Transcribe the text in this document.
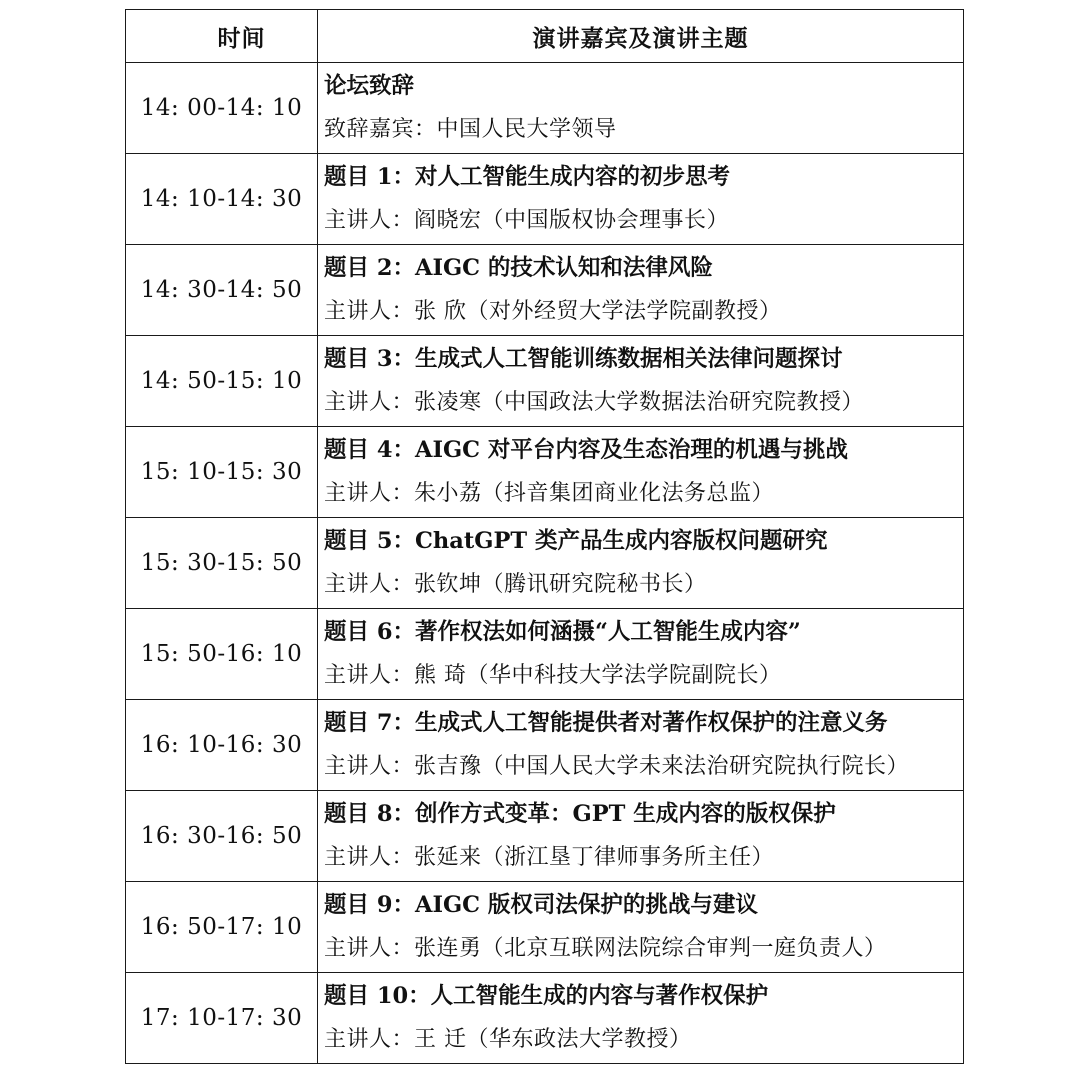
时间	演讲嘉宾及演讲主题
14: 00-14: 10	论坛致辞
致辞嘉宾：中国人民大学领导

14: 10-14: 30	题目 1：对人工智能生成内容的初步思考
主讲人：阎晓宏（中国版权协会理事长）

14: 30-14: 50	题目 2：AIGC 的技术认知和法律风险
主讲人：张 欣（对外经贸大学法学院副教授）

14: 50-15: 10	题目 3：生成式人工智能训练数据相关法律问题探讨
主讲人：张凌寒（中国政法大学数据法治研究院教授）

15: 10-15: 30	题目 4：AIGC 对平台内容及生态治理的机遇与挑战
主讲人：朱小荔（抖音集团商业化法务总监）

15: 30-15: 50	题目 5：ChatGPT 类产品生成内容版权问题研究
主讲人：张钦坤（腾讯研究院秘书长）

15: 50-16: 10	题目 6：著作权法如何涵摄“人工智能生成内容”
主讲人：熊 琦（华中科技大学法学院副院长）

16: 10-16: 30	题目 7：生成式人工智能提供者对著作权保护的注意义务
主讲人：张吉豫（中国人民大学未来法治研究院执行院长）

16: 30-16: 50	题目 8：创作方式变革：GPT 生成内容的版权保护
主讲人：张延来（浙江垦丁律师事务所主任）

16: 50-17: 10	题目 9：AIGC 版权司法保护的挑战与建议
主讲人：张连勇（北京互联网法院综合审判一庭负责人）

17: 10-17: 30	题目 10：人工智能生成的内容与著作权保护
主讲人：王 迁（华东政法大学教授）
